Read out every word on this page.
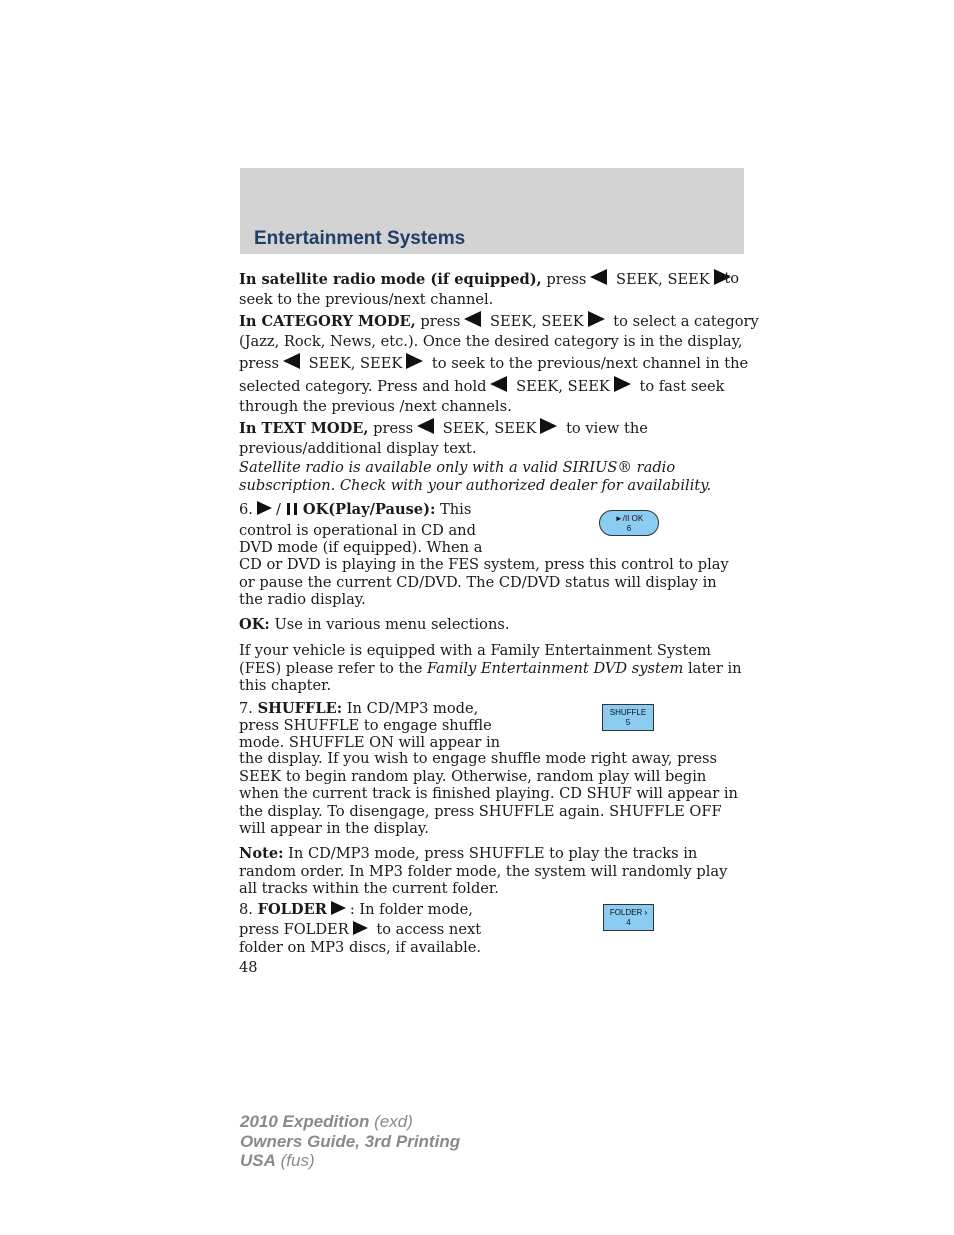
Entertainment Systems
In satellite radio mode (if equipped), press SEEK, SEEK to
seek to the previous/next channel.
In CATEGORY MODE, press SEEK, SEEK to select a category
(Jazz, Rock, News, etc.). Once the desired category is in the display,
press SEEK, SEEK to seek to the previous/next channel in the
selected category. Press and hold SEEK, SEEK to fast seek
through the previous /next channels.
In TEXT MODE, press SEEK, SEEK to view the
previous/additional display text.
Satellite radio is available only with a valid SIRIUS® radio subscription. Check with your authorized dealer for availability.
6. / OK(Play/Pause): This
control is operational in CD and
DVD mode (if equipped). When a
CD or DVD is playing in the FES system, press this control to play or pause the current CD/DVD. The CD/DVD status will display in the radio display.
►/II OK
6
OK: Use in various menu selections.
If your vehicle is equipped with a Family Entertainment System (FES) please refer to the Family Entertainment DVD system later in this chapter.
7. SHUFFLE: In CD/MP3 mode,
press SHUFFLE to engage shuffle
mode. SHUFFLE ON will appear in
the display. If you wish to engage shuffle mode right away, press SEEK to begin random play. Otherwise, random play will begin when the current track is finished playing. CD SHUF will appear in the display. To disengage, press SHUFFLE again. SHUFFLE OFF will appear in the display.
SHUFFLE
5
Note: In CD/MP3 mode, press SHUFFLE to play the tracks in random order. In MP3 folder mode, the system will randomly play all tracks within the current folder.
8. FOLDER : In folder mode,
press FOLDER to access next
folder on MP3 discs, if available.
FOLDER ›
4
48
2010 Expedition (exd)
Owners Guide, 3rd Printing
USA (fus)
